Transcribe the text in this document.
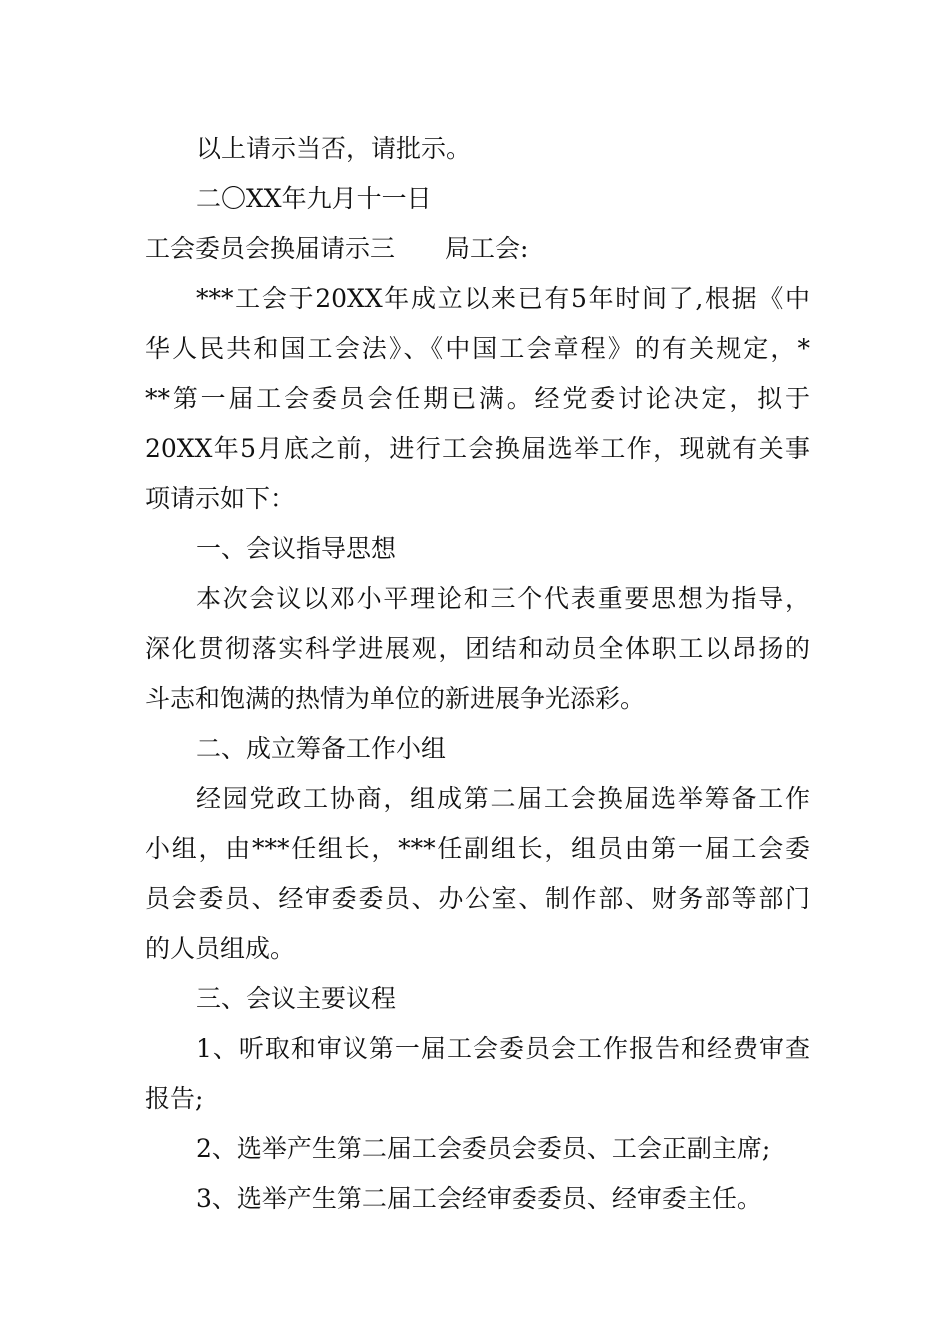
以上请示当否，请批示。
二〇XX年九月十一日
工会委员会换届请示三　　局工会:
***工会于20XX年成立以来已有5年时间了,根据《中
华人民共和国工会法》、《中国工会章程》的有关规定，*
**第一届工会委员会任期已满。经党委讨论决定，拟于
20XX年5月底之前，进行工会换届选举工作，现就有关事
项请示如下：
一、会议指导思想
本次会议以邓小平理论和三个代表重要思想为指导，
深化贯彻落实科学进展观，团结和动员全体职工以昂扬的
斗志和饱满的热情为单位的新进展争光添彩。
二、成立筹备工作小组
经园党政工协商，组成第二届工会换届选举筹备工作
小组，由***任组长，***任副组长，组员由第一届工会委
员会委员、经审委委员、办公室、制作部、财务部等部门
的人员组成。
三、会议主要议程
1、听取和审议第一届工会委员会工作报告和经费审查
报告;
2、选举产生第二届工会委员会委员、工会正副主席;
3、选举产生第二届工会经审委委员、经审委主任。
